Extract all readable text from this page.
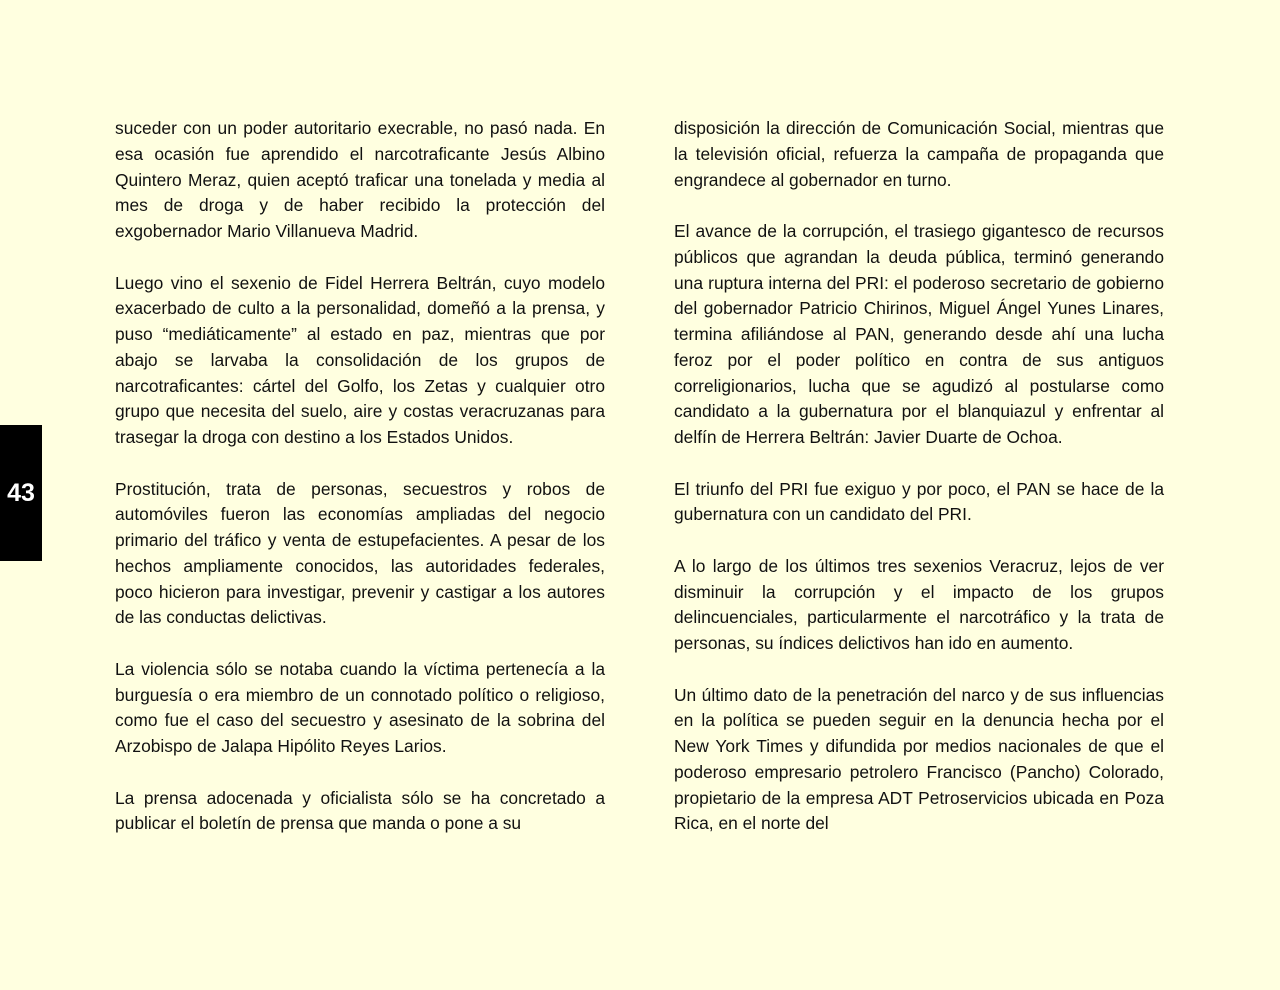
43

suceder con un poder autoritario execrable, no pasó nada. En esa ocasión fue aprendido el narcotraficante Jesús Albino Quintero Meraz, quien aceptó traficar una tonelada y media al mes de droga y de haber recibido la protección del exgobernador Mario Villanueva Madrid.

Luego vino el sexenio de Fidel Herrera Beltrán, cuyo modelo exacerbado de culto a la personalidad, domeñó a la prensa, y puso “mediáticamente” al estado en paz, mientras que por abajo se larvaba la consolidación de los grupos de narcotraficantes: cártel del Golfo, los Zetas y cualquier otro grupo que necesita del suelo, aire y costas veracruzanas para trasegar la droga con destino a los Estados Unidos.

Prostitución, trata de personas, secuestros y robos de automóviles fueron las economías ampliadas del negocio primario del tráfico y venta de estupefacientes. A pesar de los hechos ampliamente conocidos, las autoridades federales, poco hicieron para investigar, prevenir y castigar a los autores de las conductas delictivas.

La violencia sólo se notaba cuando la víctima pertenecía a la burguesía o era miembro de un connotado político o religioso, como fue el caso del secuestro y asesinato de la sobrina del Arzobispo de Jalapa Hipólito Reyes Larios.

La prensa adocenada y oficialista sólo se ha concretado a publicar el boletín de prensa que manda o pone a su

disposición la dirección de Comunicación Social, mientras que la televisión oficial, refuerza la campaña de propaganda que engrandece al gobernador en turno.

El avance de la corrupción, el trasiego gigantesco de recursos públicos que agrandan la deuda pública, terminó generando una ruptura interna del PRI: el poderoso secretario de gobierno del gobernador Patricio Chirinos, Miguel Ángel Yunes Linares, termina afiliándose al PAN, generando desde ahí una lucha feroz por el poder político en contra de sus antiguos correligionarios, lucha que se agudizó al postularse como candidato a la gubernatura por el blanquiazul y enfrentar al delfín de Herrera Beltrán: Javier Duarte de Ochoa.

El triunfo del PRI fue exiguo y por poco, el PAN se hace de la gubernatura con un candidato del PRI.

A lo largo de los últimos tres sexenios Veracruz, lejos de ver disminuir la corrupción y el impacto de los grupos delincuenciales, particularmente el narcotráfico y la trata de personas, su índices delictivos han ido en aumento.

Un último dato de la penetración del narco y de sus influencias en la política se pueden seguir en la denuncia hecha por el New York Times y difundida por medios nacionales de que el poderoso empresario petrolero Francisco (Pancho) Colorado, propietario de la empresa ADT Petroservicios ubicada en Poza Rica, en el norte del
